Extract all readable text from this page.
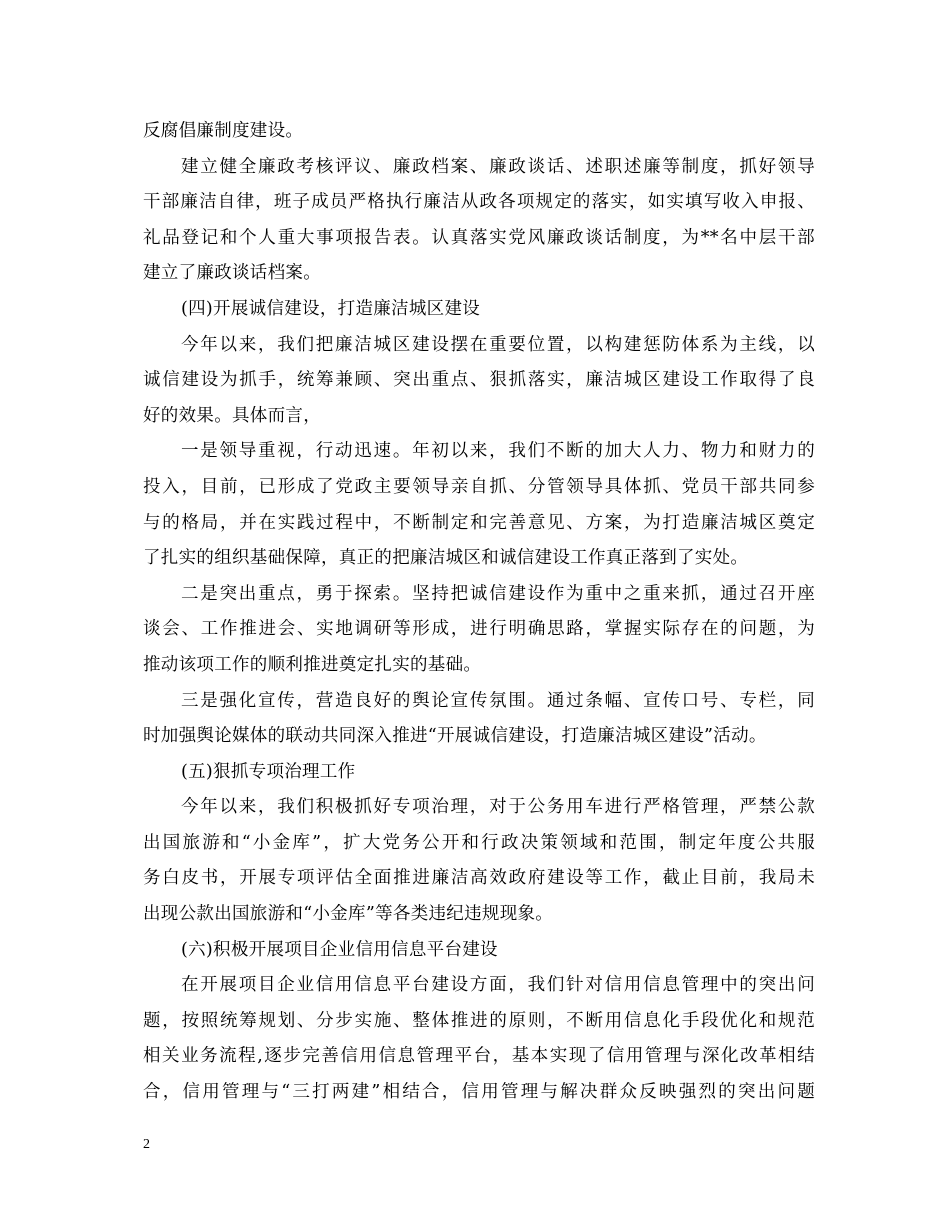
反腐倡廉制度建设。
建立健全廉政考核评议、廉政档案、廉政谈话、述职述廉等制度，抓好领导
干部廉洁自律，班子成员严格执行廉洁从政各项规定的落实，如实填写收入申报、
礼品登记和个人重大事项报告表。认真落实党风廉政谈话制度，为**名中层干部
建立了廉政谈话档案。
(四)开展诚信建设，打造廉洁城区建设
今年以来，我们把廉洁城区建设摆在重要位置，以构建惩防体系为主线，以
诚信建设为抓手，统筹兼顾、突出重点、狠抓落实，廉洁城区建设工作取得了良
好的效果。具体而言，
一是领导重视，行动迅速。年初以来，我们不断的加大人力、物力和财力的
投入，目前，已形成了党政主要领导亲自抓、分管领导具体抓、党员干部共同参
与的格局，并在实践过程中，不断制定和完善意见、方案，为打造廉洁城区奠定
了扎实的组织基础保障，真正的把廉洁城区和诚信建设工作真正落到了实处。
二是突出重点，勇于探索。坚持把诚信建设作为重中之重来抓，通过召开座
谈会、工作推进会、实地调研等形成，进行明确思路，掌握实际存在的问题，为
推动该项工作的顺利推进奠定扎实的基础。
三是强化宣传，营造良好的舆论宣传氛围。通过条幅、宣传口号、专栏，同
时加强舆论媒体的联动共同深入推进“开展诚信建设，打造廉洁城区建设”活动。
(五)狠抓专项治理工作
今年以来，我们积极抓好专项治理，对于公务用车进行严格管理，严禁公款
出国旅游和“小金库”，扩大党务公开和行政决策领域和范围，制定年度公共服
务白皮书，开展专项评估全面推进廉洁高效政府建设等工作，截止目前，我局未
出现公款出国旅游和“小金库”等各类违纪违规现象。
(六)积极开展项目企业信用信息平台建设
在开展项目企业信用信息平台建设方面，我们针对信用信息管理中的突出问
题，按照统筹规划、分步实施、整体推进的原则，不断用信息化手段优化和规范
相关业务流程,逐步完善信用信息管理平台，基本实现了信用管理与深化改革相结
合，信用管理与“三打两建”相结合，信用管理与解决群众反映强烈的突出问题
2
